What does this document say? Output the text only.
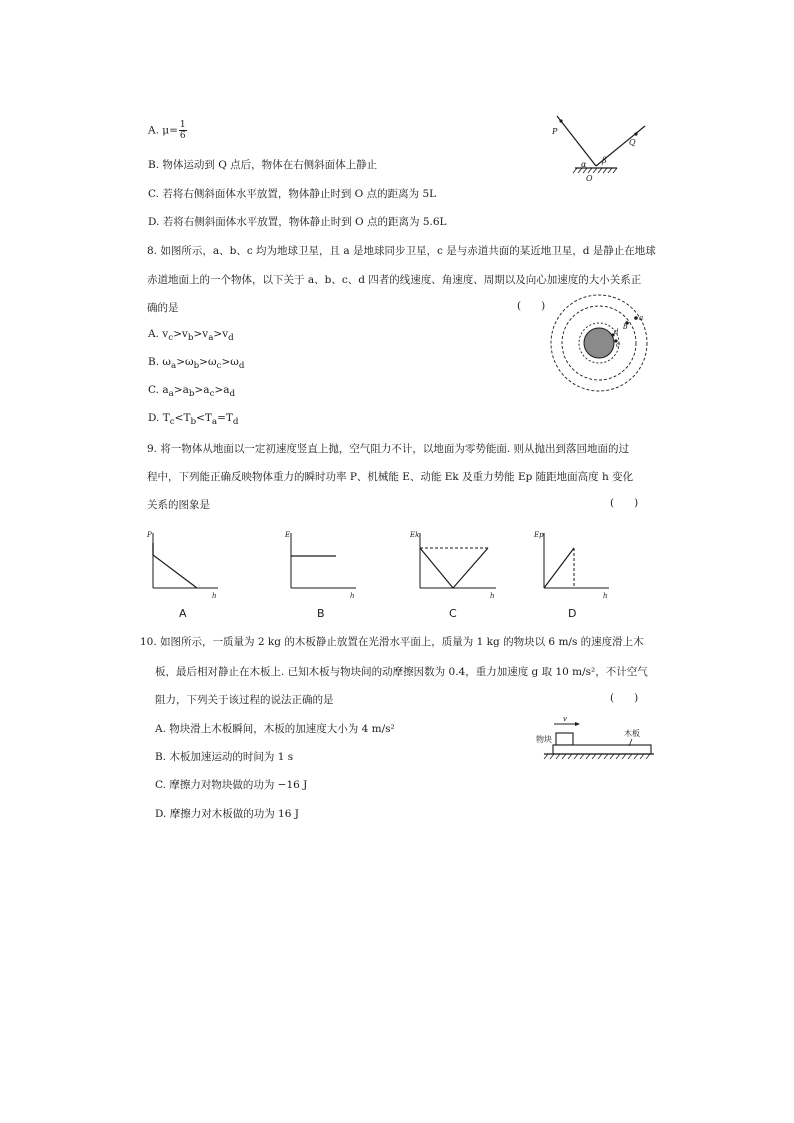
A. $\mu= \frac{1}{6}$
B. 物体运动到 Q 点后，物体在右侧斜面体上静止
C. 若将右侧斜面体水平放置，物体静止时到 O 点的距离为 5L
D. 若将右侧斜面体水平放置，物体静止时到 O 点的距离为 5.6L
P
Q
α β
O
8. 如图所示，a、b、c 均为地球卫星，且 a 是地球同步卫星，c 是与赤道共面的某近地卫星，d 是静止在地球
赤道地面上的一个物体，以下关于 a、b、c、d 四者的线速度、角速度、周期以及向心加速度的大小关系正
确的是	(      )
A. $v_c>v_b>v_a>v_d$
B. $\omega_a>\omega_b>\omega_c>\omega_d$
C. $a_a>a_b>a_c>a_d$
D. $T_c<T_b<T_a=T_d$
a
b
d
c
9. 将一物体从地面以一定初速度竖直上抛，空气阻力不计，以地面为零势能面. 则从抛出到落回地面的过
程中，下列能正确反映物体重力的瞬时功率 P、机械能 E、动能 Ek 及重力势能 Ep 随距地面高度 h 变化
关系的图象是	(      )
P
h
A
E
h
B
Ek
h
C
Ep
h
D
10. 如图所示，一质量为 2 kg 的木板静止放置在光滑水平面上，质量为 1 kg 的物块以 6 m/s 的速度滑上木
板，最后相对静止在木板上. 已知木板与物块间的动摩擦因数为 0.4，重力加速度 g 取 10 m/s²，不计空气
阻力，下列关于该过程的说法正确的是	(      )
A. 物块滑上木板瞬间，木板的加速度大小为 4 m/s²
B. 木板加速运动的时间为 1 s
C. 摩擦力对物块做的功为 −16 J
D. 摩擦力对木板做的功为 16 J
v
物块
木板
